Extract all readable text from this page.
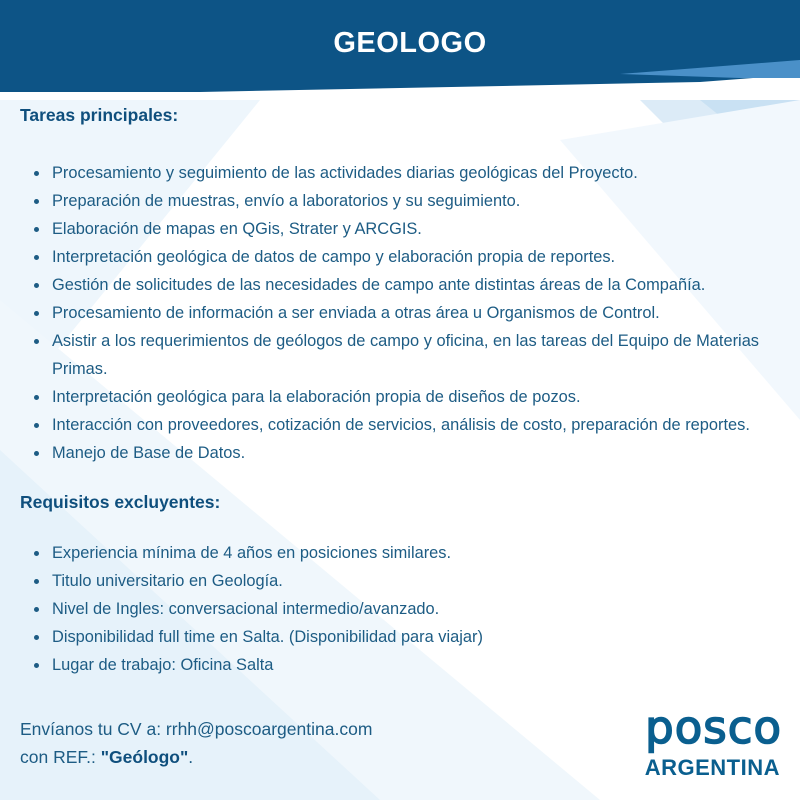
GEOLOGO
Tareas principales:
Procesamiento y seguimiento de las actividades diarias geológicas del Proyecto.
Preparación de muestras, envío a laboratorios y su seguimiento.
Elaboración de mapas en QGis, Strater y ARCGIS.
Interpretación geológica de datos de campo y elaboración propia de reportes.
Gestión de solicitudes de las necesidades de campo ante distintas áreas de la Compañía.
Procesamiento de información a ser enviada a otras área u Organismos de Control.
Asistir a los requerimientos de geólogos de campo y oficina, en las tareas del Equipo de Materias Primas.
Interpretación geológica para la elaboración propia de diseños de pozos.
Interacción con proveedores, cotización de servicios, análisis de costo, preparación de reportes.
Manejo de Base de Datos.
Requisitos excluyentes:
Experiencia mínima de 4 años en posiciones similares.
Titulo universitario en Geología.
Nivel de Ingles: conversacional intermedio/avanzado.
Disponibilidad full time en Salta. (Disponibilidad para viajar)
Lugar de trabajo: Oficina Salta
Envíanos tu CV a: rrhh@poscoargentina.com
con REF.: "Geólogo".
posco
ARGENTINA
